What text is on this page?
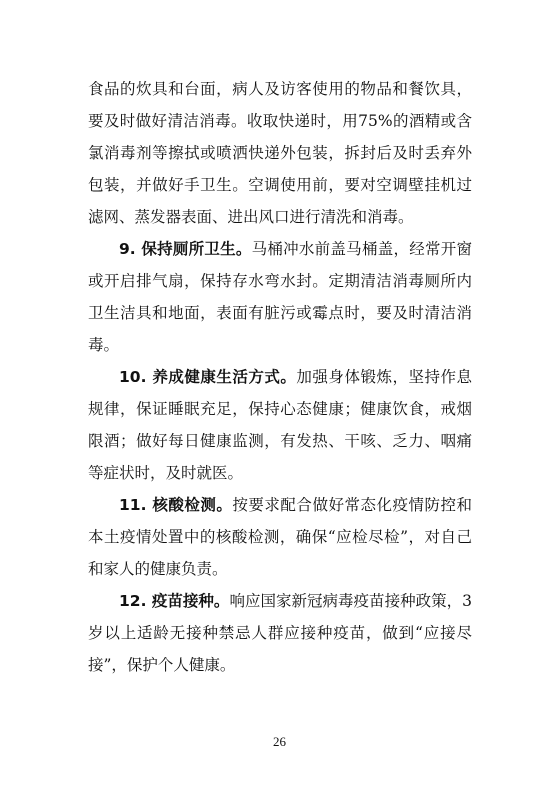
食品的炊具和台面，病人及访客使用的物品和餐饮具，要及时做好清洁消毒。收取快递时，用75%的酒精或含氯消毒剂等擦拭或喷洒快递外包装，拆封后及时丢弃外包装，并做好手卫生。空调使用前，要对空调壁挂机过滤网、蒸发器表面、进出风口进行清洗和消毒。

9. 保持厕所卫生。马桶冲水前盖马桶盖，经常开窗或开启排气扇，保持存水弯水封。定期清洁消毒厕所内卫生洁具和地面，表面有脏污或霉点时，要及时清洁消毒。

10. 养成健康生活方式。加强身体锻炼，坚持作息规律，保证睡眠充足，保持心态健康；健康饮食，戒烟限酒；做好每日健康监测，有发热、干咳、乏力、咽痛等症状时，及时就医。

11. 核酸检测。按要求配合做好常态化疫情防控和本土疫情处置中的核酸检测，确保“应检尽检”，对自己和家人的健康负责。

12. 疫苗接种。响应国家新冠病毒疫苗接种政策，3岁以上适龄无接种禁忌人群应接种疫苗，做到“应接尽接”，保护个人健康。

26
